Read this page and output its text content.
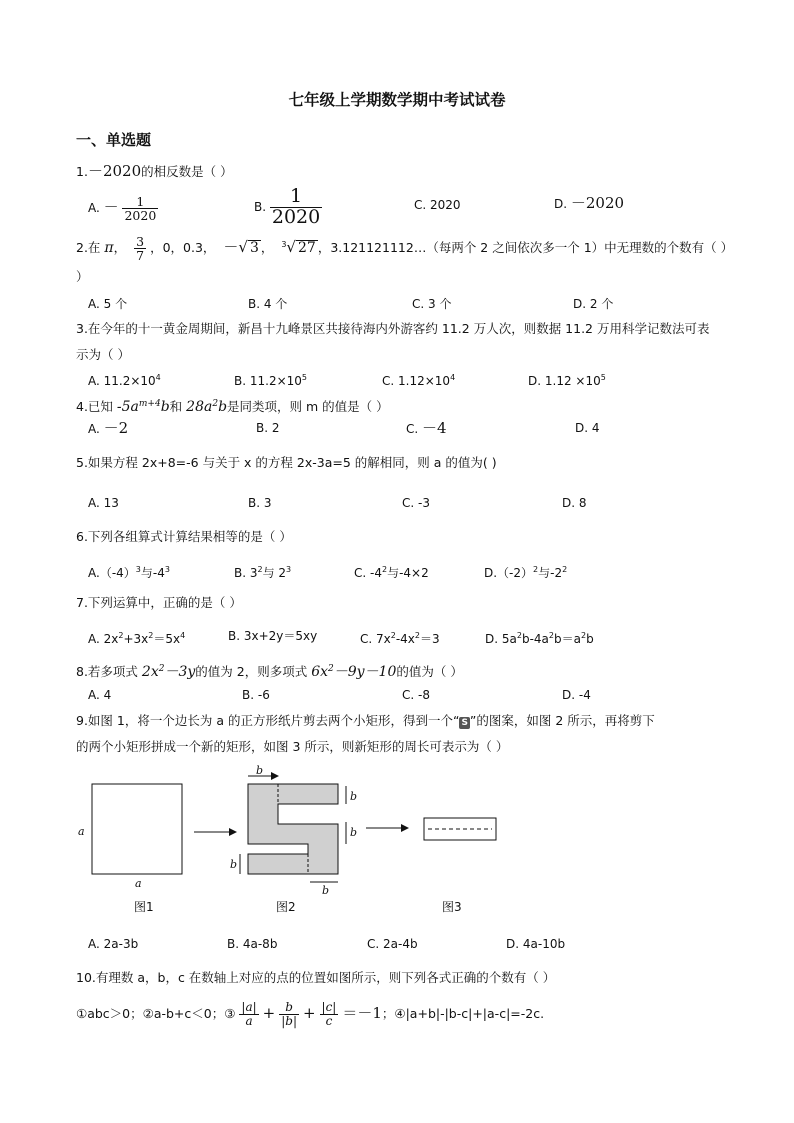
七年级上学期数学期中考试试卷
一、单选题
1.－2020的相反数是（ ）
A. － $\frac{1}{2020}$	B. $\frac{1}{2020}$	C. 2020	D. －2020
2.在 π， $\frac{3}{7}$ ，0，0.3， －√ 3 ， $^3$√ 27 ，3.121121112…（每两个 2 之间依次多一个 1）中无理数的个数有（ ）
）
A. 5 个	B. 4 个	C. 3 个	D. 2 个
3.在今年的十一黄金周期间，新昌十九峰景区共接待海内外游客约 11.2 万人次，则数据 11.2 万用科学记数法可表示为（ ）
A. $11.2\times 10^4$	B. $11.2\times 10^5$	C. $1.12\times 10^4$	D. $1.12 \times 10^5$
4.已知 $-5a^{m+4}b$和 $28a^2b$是同类项，则 m 的值是（ ）
A. －2	B. 2	C. －4	D. 4
5.如果方程 2x+8=-6 与关于 x 的方程 2x-3a=5 的解相同，则 a 的值为( )
A. 13	B. 3	C. -3	D. 8
6.下列各组算式计算结果相等的是（ ）
$A.(-4)^3$与$-4^3$	B. $3^2$与 $2^3$	C. $-4^2$与-4×2	$D.(-2)^2$与$-2^2$
7.下列运算中，正确的是（ ）
A. $2x^2+3x^2=5x^4$	B. 3x+2y＝5xy	C. $7x^2-4x^2=3$	D. $5a^2b-4a^2b=a^2b$
8.若多项式 $2x^2-3y$的值为 2，则多项式 $6x^2-9y-10$的值为（ ）
A. 4	B. -6	C. -8	D. -4
9.如图 1，将一个边长为 a 的正方形纸片剪去两个小矩形，得到一个“ S ”的图案，如图 2 所示，再将剪下
的两个小矩形拼成一个新的矩形，如图 3 所示，则新矩形的周长可表示为（ ）
a
a
b
b
b
b
b
图1	图2	图3
A. 2a-3b	B. 4a-8b	C. 2a-4b	D. 4a-10b
10.有理数 a，b，c 在数轴上对应的点的位置如图所示，则下列各式正确的个数有（ ）
①abc＞0；②a-b+c＜0；③ $\frac{|a|}{a} + \frac{b}{|b|} + \frac{|c|}{c} =-1$；④|a+b|-|b-c|+|a-c|=-2c.
